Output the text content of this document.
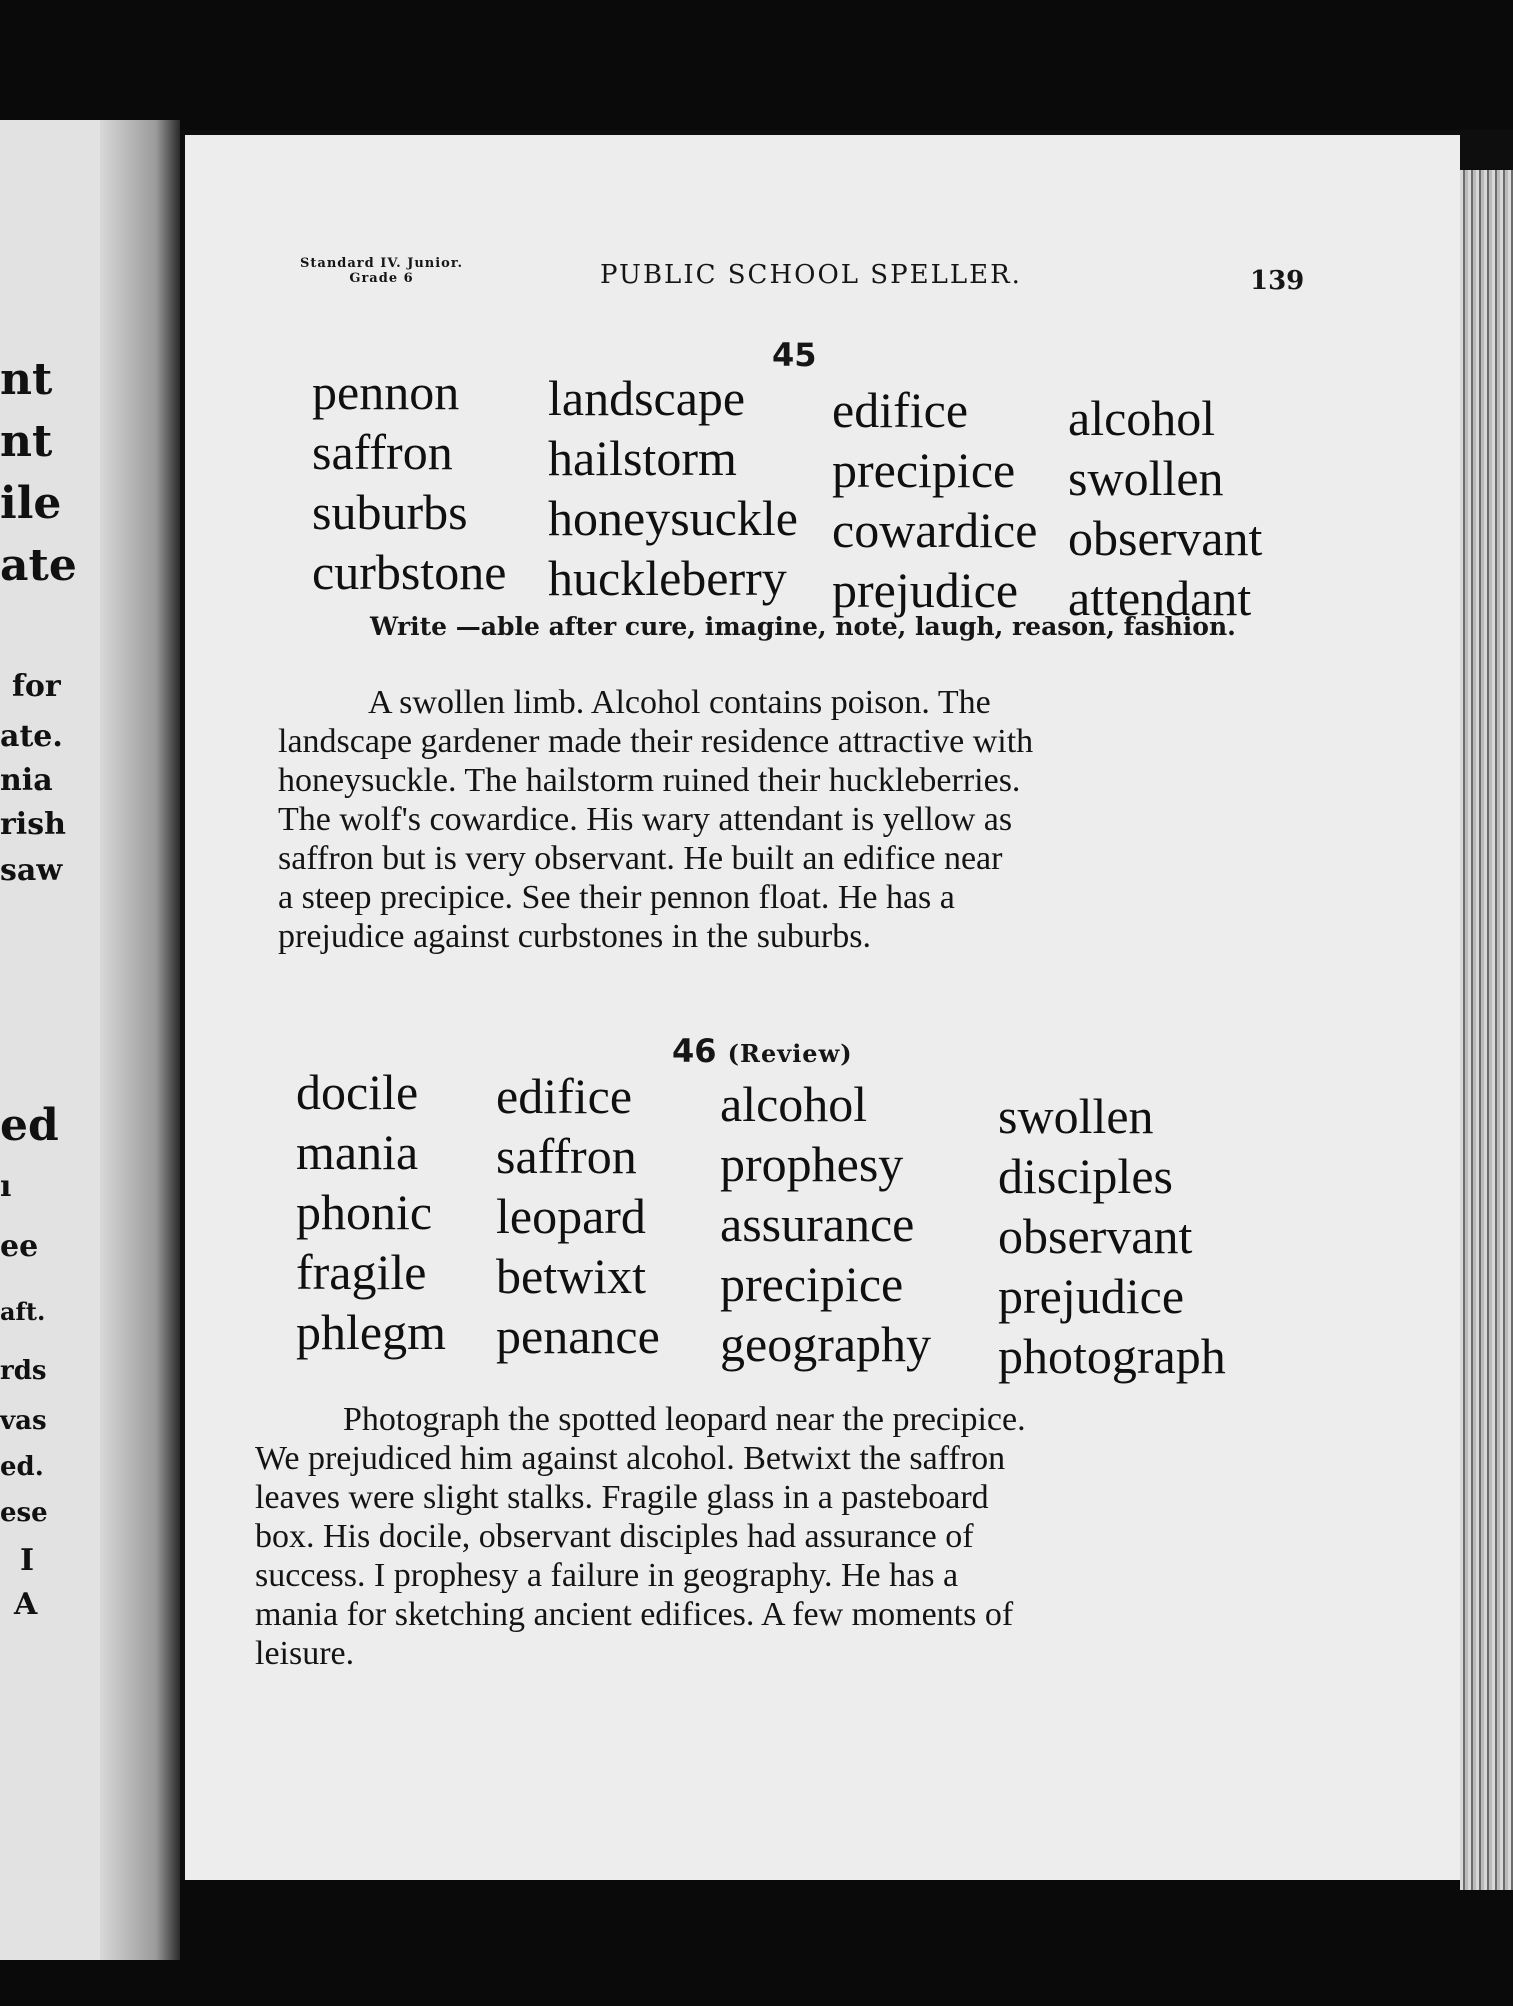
nt
nt
ile
ate
for
ate.
nia
rish
saw
ed
ı
ee
aft.
rds
vas
ed.
ese
I
A
Standard IV. Junior.
Grade 6	PUBLIC SCHOOL SPELLER.	139
45
pennon
saffron
suburbs
curbstone
landscape
hailstorm
honeysuckle
huckleberry
edifice
precipice
cowardice
prejudice
alcohol
swollen
observant
attendant
Write —able after cure, imagine, note, laugh, reason, fashion.
A swollen limb. Alcohol contains poison. The
landscape gardener made their residence attractive with
honeysuckle. The hailstorm ruined their huckleberries.
The wolf's cowardice. His wary attendant is yellow as
saffron but is very observant. He built an edifice near
a steep precipice. See their pennon float. He has a
prejudice against curbstones in the suburbs.
46 (Review)
docile
mania
phonic
fragile
phlegm
edifice
saffron
leopard
betwixt
penance
alcohol
prophesy
assurance
precipice
geography
swollen
disciples
observant
prejudice
photograph
Photograph the spotted leopard near the precipice.
We prejudiced him against alcohol. Betwixt the saffron
leaves were slight stalks. Fragile glass in a pasteboard
box. His docile, observant disciples had assurance of
success. I prophesy a failure in geography. He has a
mania for sketching ancient edifices. A few moments of
leisure.
